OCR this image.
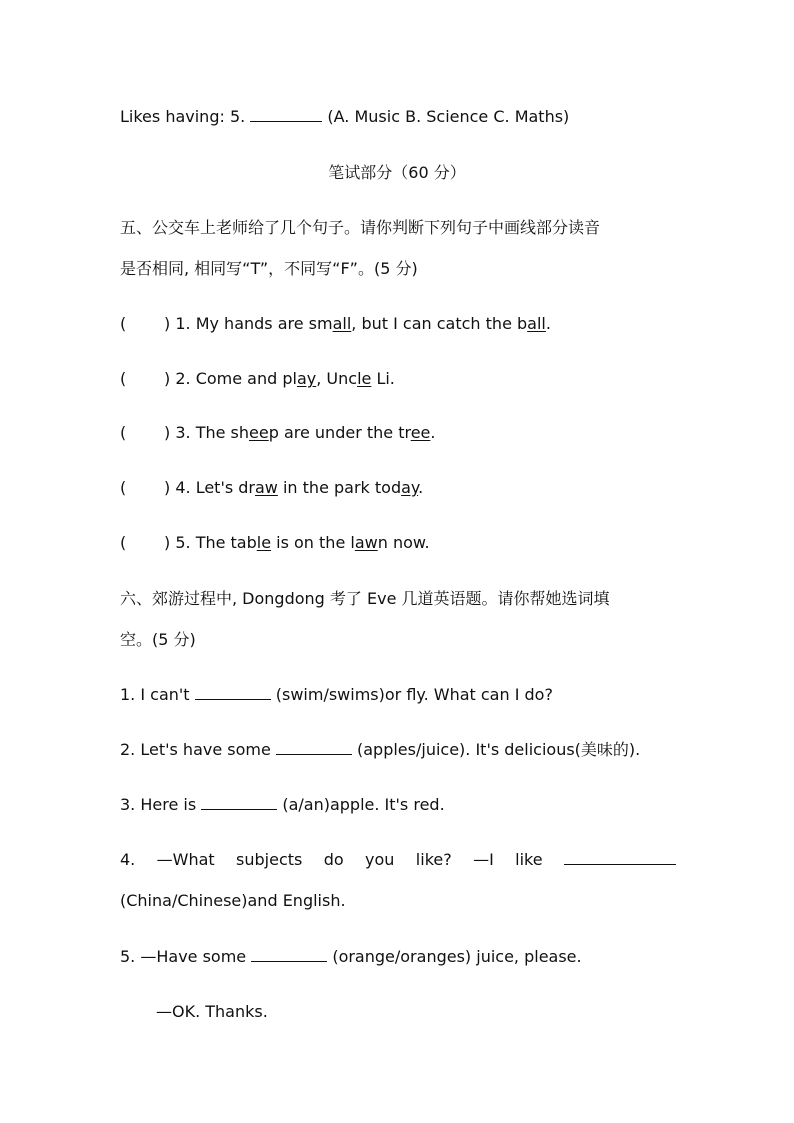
Likes having: 5.	(A. Music B. Science C. Maths)
笔试部分（60 分）
五、公交车上老师给了几个句子。请你判断下列句子中画线部分读音
是否相同, 相同写“T”，不同写“F”。(5 分)
( ) 1. My hands are small, but I can catch the ball.
( ) 2. Come and play, Uncle Li.
( ) 3. The sheep are under the tree.
( ) 4. Let's draw in the park today.
( ) 5. The table is on the lawn now.
六、郊游过程中, Dongdong 考了 Eve 几道英语题。请你帮她选词填
空。(5 分)
1. I can't	(swim/swims)or fly. What can I do?
2. Let's have some	(apples/juice). It's delicious(美味的).
3. Here is	(a/an)apple. It's red.
4. —What subjects do you like? —I like
(China/Chinese)and English.
5. —Have some	(orange/oranges) juice, please.
—OK. Thanks.
